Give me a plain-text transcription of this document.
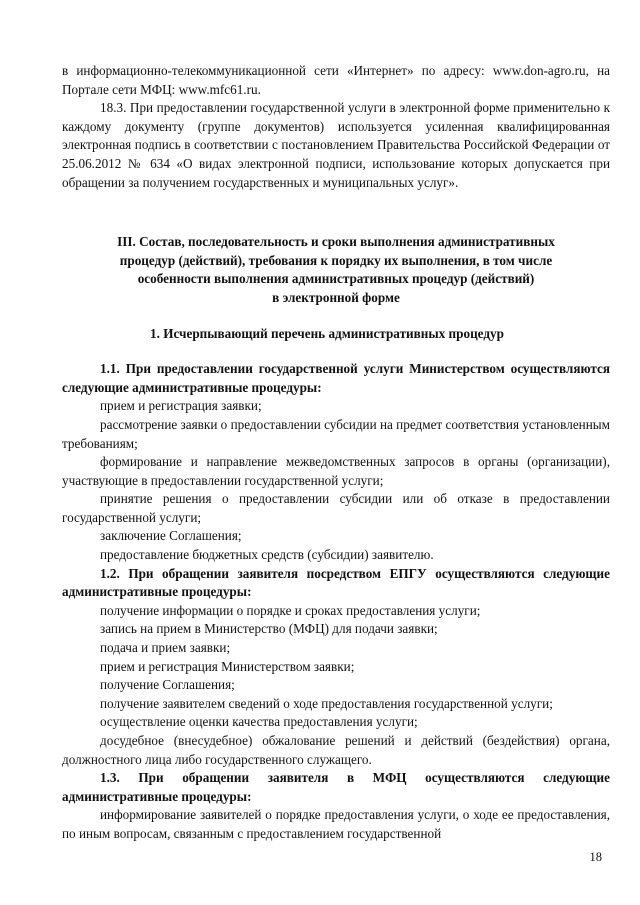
в информационно-телекоммуникационной сети «Интернет» по адресу: www.don-agro.ru, на Портале сети МФЦ: www.mfc61.ru.

18.3. При предоставлении государственной услуги в электронной форме применительно к каждому документу (группе документов) используется усиленная квалифицированная электронная подпись в соответствии с постановлением Правительства Российской Федерации от 25.06.2012 № 634 «О видах электронной подписи, использование которых допускается при обращении за получением государственных и муниципальных услуг».

III. Состав, последовательность и сроки выполнения административных
процедур (действий), требования к порядку их выполнения, в том числе
особенности выполнения административных процедур (действий)
в электронной форме
1. Исчерпывающий перечень административных процедур

1.1. При предоставлении государственной услуги Министерством осуществляются следующие административные процедуры:

прием и регистрация заявки;

рассмотрение заявки о предоставлении субсидии на предмет соответствия установленным требованиям;

формирование и направление межведомственных запросов в органы (организации), участвующие в предоставлении государственной услуги;

принятие решения о предоставлении субсидии или об отказе в предоставлении государственной услуги;

заключение Соглашения;

предоставление бюджетных средств (субсидии) заявителю.

1.2. При обращении заявителя посредством ЕПГУ осуществляются следующие административные процедуры:

получение информации о порядке и сроках предоставления услуги;

запись на прием в Министерство (МФЦ) для подачи заявки;

подача и прием заявки;

прием и регистрация Министерством заявки;

получение Соглашения;

получение заявителем сведений о ходе предоставления государственной услуги;

осуществление оценки качества предоставления услуги;

досудебное (внесудебное) обжалование решений и действий (бездействия) органа, должностного лица либо государственного служащего.

1.3. При обращении заявителя в МФЦ осуществляются следующие административные процедуры:

информирование заявителей о порядке предоставления услуги, о ходе ее предоставления, по иным вопросам, связанным с предоставлением государственной

18
